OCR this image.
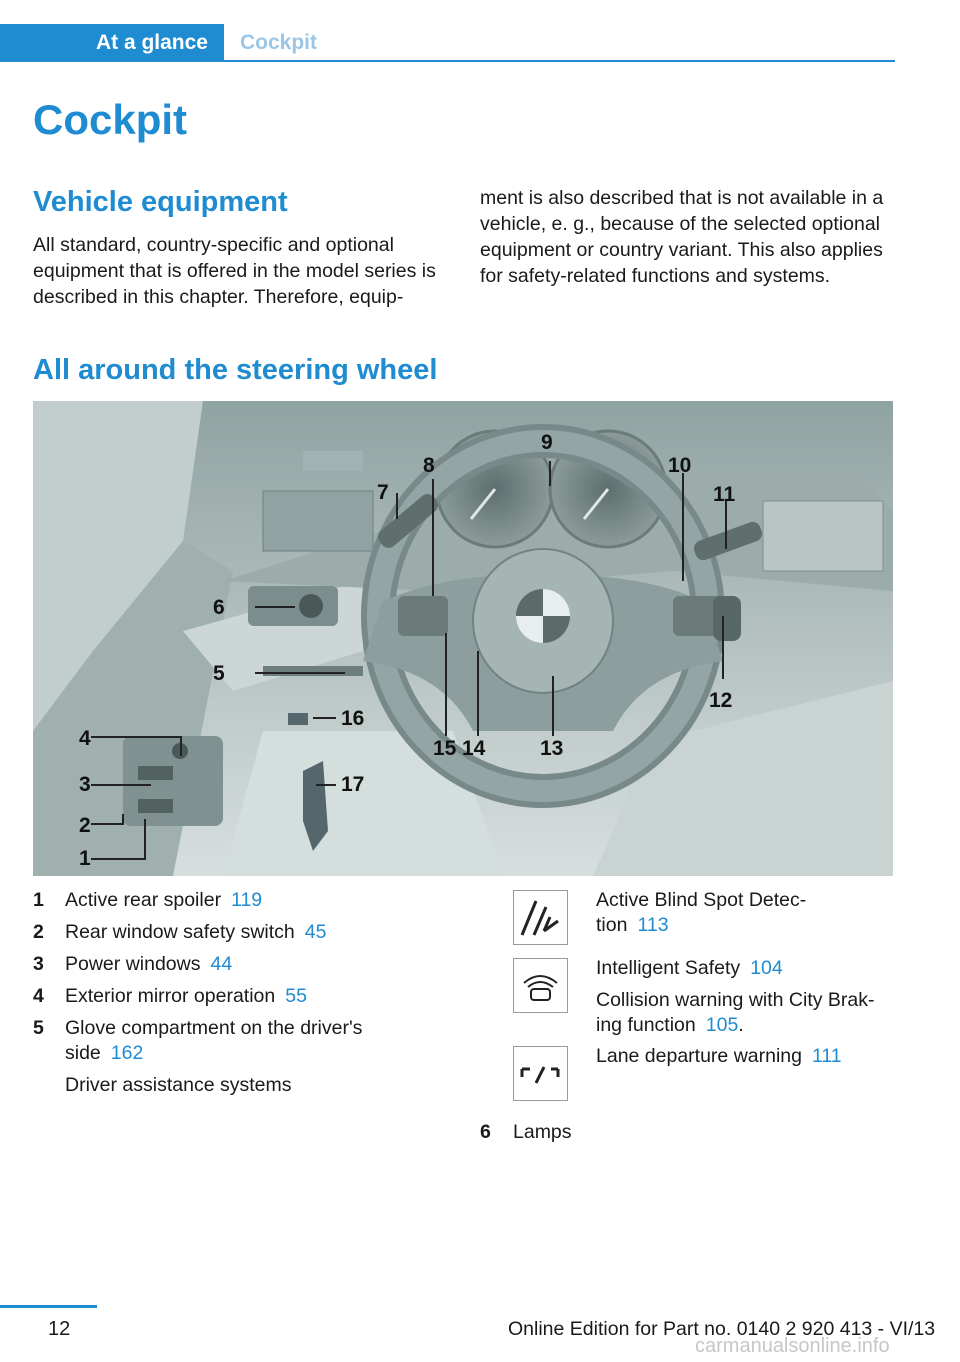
At a glance	Cockpit
Cockpit
Vehicle equipment

All standard, country-specific and optional equipment that is offered in the model series is described in this chapter. Therefore, equip-

ment is also described that is not available in a vehicle, e. g., because of the selected optional equipment or country variant. This also applies for safety-related functions and systems.

All around the steering wheel
4
3
2
1
5
6
7
8
9
10
11
12
13
14
15
16
17
1	Active rear spoiler 119
2	Rear window safety switch 45
3	Power windows 44
4	Exterior mirror operation 55
5	Glove compartment on the driver's side 162
Driver assistance systems
Active Blind Spot Detec-
tion 113
Intelligent Safety 104
Collision warning with City Brak-
ing function 105.
Lane departure warning 111
6 Lamps
12	Online Edition for Part no. 0140 2 920 413 - VI/13
carmanualsonline.info
